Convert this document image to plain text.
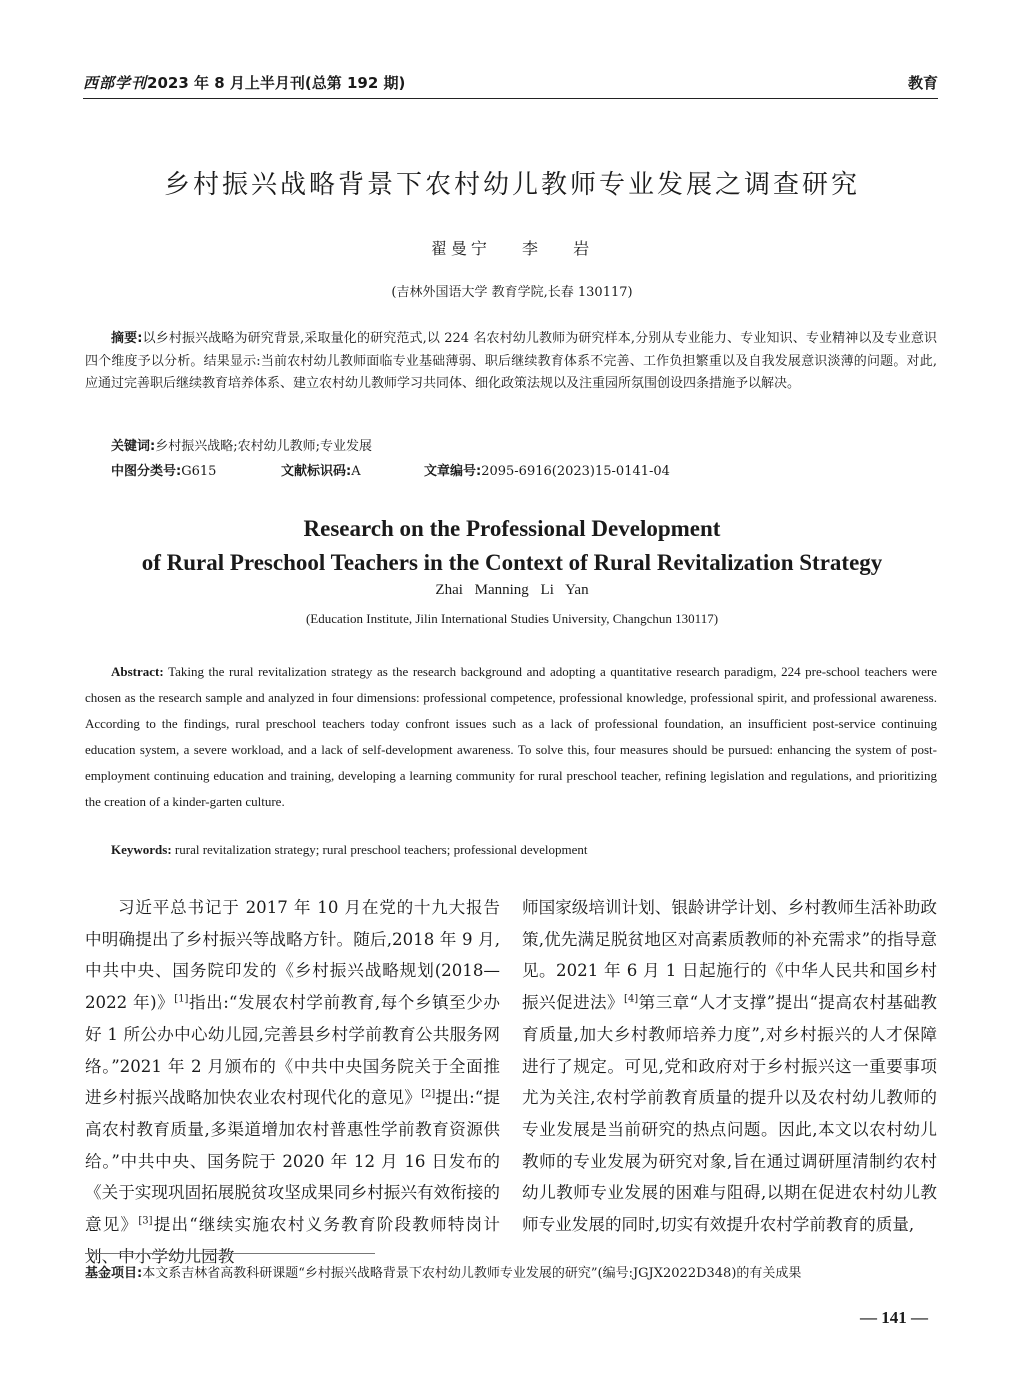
西部学刊2023 年 8 月上半月刊(总第 192 期)	教育
乡村振兴战略背景下农村幼儿教师专业发展之调查研究
翟曼宁 李 岩
(吉林外国语大学 教育学院,长春 130117)
摘要:以乡村振兴战略为研究背景,采取量化的研究范式,以 224 名农村幼儿教师为研究样本,分别从专业能力、专业知识、专业精神以及专业意识四个维度予以分析。结果显示:当前农村幼儿教师面临专业基础薄弱、职后继续教育体系不完善、工作负担繁重以及自我发展意识淡薄的问题。对此,应通过完善职后继续教育培养体系、建立农村幼儿教师学习共同体、细化政策法规以及注重园所氛围创设四条措施予以解决。
关键词:乡村振兴战略;农村幼儿教师;专业发展
中图分类号:G615	文献标识码:A	文章编号:2095-6916(2023)15-0141-04
Research on the Professional Development
of Rural Preschool Teachers in the Context of Rural Revitalization Strategy
Zhai Manning Li Yan
(Education Institute, Jilin International Studies University, Changchun 130117)
Abstract: Taking the rural revitalization strategy as the research background and adopting a quantitative research paradigm, 224 pre-school teachers were chosen as the research sample and analyzed in four dimensions: professional competence, professional knowledge, professional spirit, and professional awareness. According to the findings, rural preschool teachers today confront issues such as a lack of professional foundation, an insufficient post-service continuing education system, a severe workload, and a lack of self-development awareness. To solve this, four measures should be pursued: enhancing the system of post-employment continuing education and training, developing a learning community for rural preschool teacher, refining legislation and regulations, and prioritizing the creation of a kinder-garten culture.
Keywords: rural revitalization strategy; rural preschool teachers; professional development
习近平总书记于 2017 年 10 月在党的十九大报告中明确提出了乡村振兴等战略方针。随后,2018 年 9 月,中共中央、国务院印发的《乡村振兴战略规划(2018—2022 年)》[1]指出:“发展农村学前教育,每个乡镇至少办好 1 所公办中心幼儿园,完善县乡村学前教育公共服务网络。”2021 年 2 月颁布的《中共中央国务院关于全面推进乡村振兴战略加快农业农村现代化的意见》[2]提出:“提高农村教育质量,多渠道增加农村普惠性学前教育资源供给。”中共中央、国务院于 2020 年 12 月 16 日发布的《关于实现巩固拓展脱贫攻坚成果同乡村振兴有效衔接的意见》[3]提出“继续实施农村义务教育阶段教师特岗计划、中小学幼儿园教
师国家级培训计划、银龄讲学计划、乡村教师生活补助政策,优先满足脱贫地区对高素质教师的补充需求”的指导意见。2021 年 6 月 1 日起施行的《中华人民共和国乡村振兴促进法》[4]第三章“人才支撑”提出“提高农村基础教育质量,加大乡村教师培养力度”,对乡村振兴的人才保障进行了规定。可见,党和政府对于乡村振兴这一重要事项尤为关注,农村学前教育质量的提升以及农村幼儿教师的专业发展是当前研究的热点问题。因此,本文以农村幼儿教师的专业发展为研究对象,旨在通过调研厘清制约农村幼儿教师专业发展的困难与阻碍,以期在促进农村幼儿教师专业发展的同时,切实有效提升农村学前教育的质量,
基金项目:本文系吉林省高教科研课题“乡村振兴战略背景下农村幼儿教师专业发展的研究”(编号:JGJX2022D348)的有关成果
— 141 —
